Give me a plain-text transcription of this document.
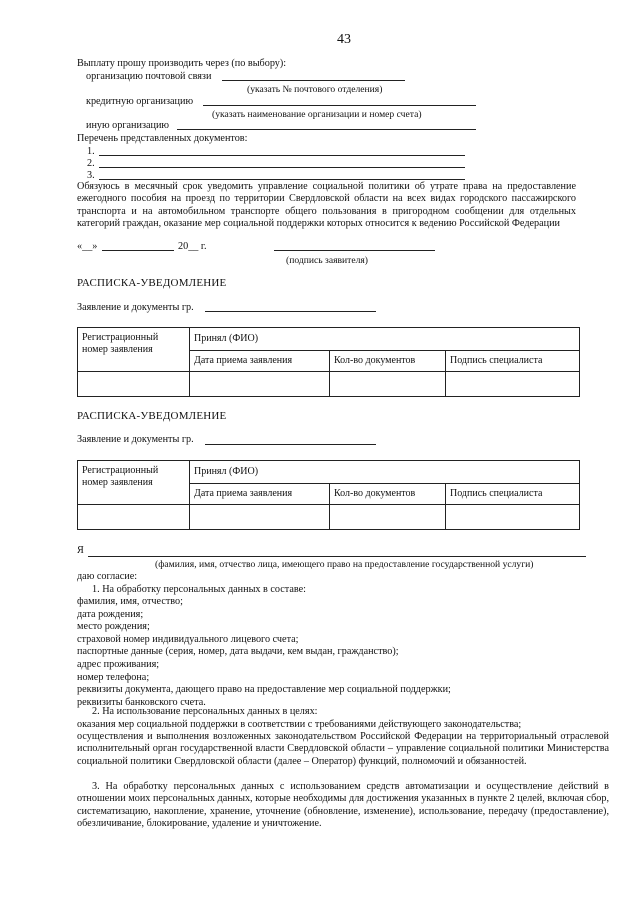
43
Выплату прошу производить через (по выбору):
организацию почтовой связи
(указать № почтового отделения)
кредитную организацию
(указать наименование организации и номер счета)
иную организацию
Перечень представленных документов:
1.
2.
3.
Обязуюсь в месячный срок уведомить управление социальной политики об утрате права на предоставление ежегодного пособия на проезд по территории Свердловской области на всех видах городского пассажирского транспорта и на автомобильном транспорте общего пользования в пригородном сообщении для отдельных категорий граждан, оказание мер социальной поддержки которых относится к ведению Российской Федерации
«__»	20__ г.
(подпись заявителя)
РАСПИСКА-УВЕДОМЛЕНИЕ
Заявление и документы гр.
Регистрационный номер заявления	Принял (ФИО)		
	Дата приема заявления	Кол-во документов	Подпись специалиста

РАСПИСКА-УВЕДОМЛЕНИЕ
Заявление и документы гр.
Регистрационный номер заявления	Принял (ФИО)		
	Дата приема заявления	Кол-во документов	Подпись специалиста

Я
(фамилия, имя, отчество лица, имеющего право на предоставление государственной услуги)
даю согласие:
1. На обработку персональных данных в составе:
фамилия, имя, отчество;
дата рождения;
место рождения;
страховой номер индивидуального лицевого счета;
паспортные данные (серия, номер, дата выдачи, кем выдан, гражданство);
адрес проживания;
номер телефона;
реквизиты документа, дающего право на предоставление мер социальной поддержки;
реквизиты банковского счета.
2. На использование персональных данных в целях:
оказания мер социальной поддержки в соответствии с требованиями действующего законодательства;
осуществления и выполнения возложенных законодательством Российской Федерации на территориальный отраслевой исполнительный орган государственной власти Свердловской области – управление социальной политики Министерства социальной политики Свердловской области (далее – Оператор) функций, полномочий и обязанностей.
3. На обработку персональных данных с использованием средств автоматизации и осуществление действий в отношении моих персональных данных, которые необходимы для достижения указанных в пункте 2 целей, включая сбор, систематизацию, накопление, хранение, уточнение (обновление, изменение), использование, передачу (предоставление), обезличивание, блокирование, удаление и уничтожение.
